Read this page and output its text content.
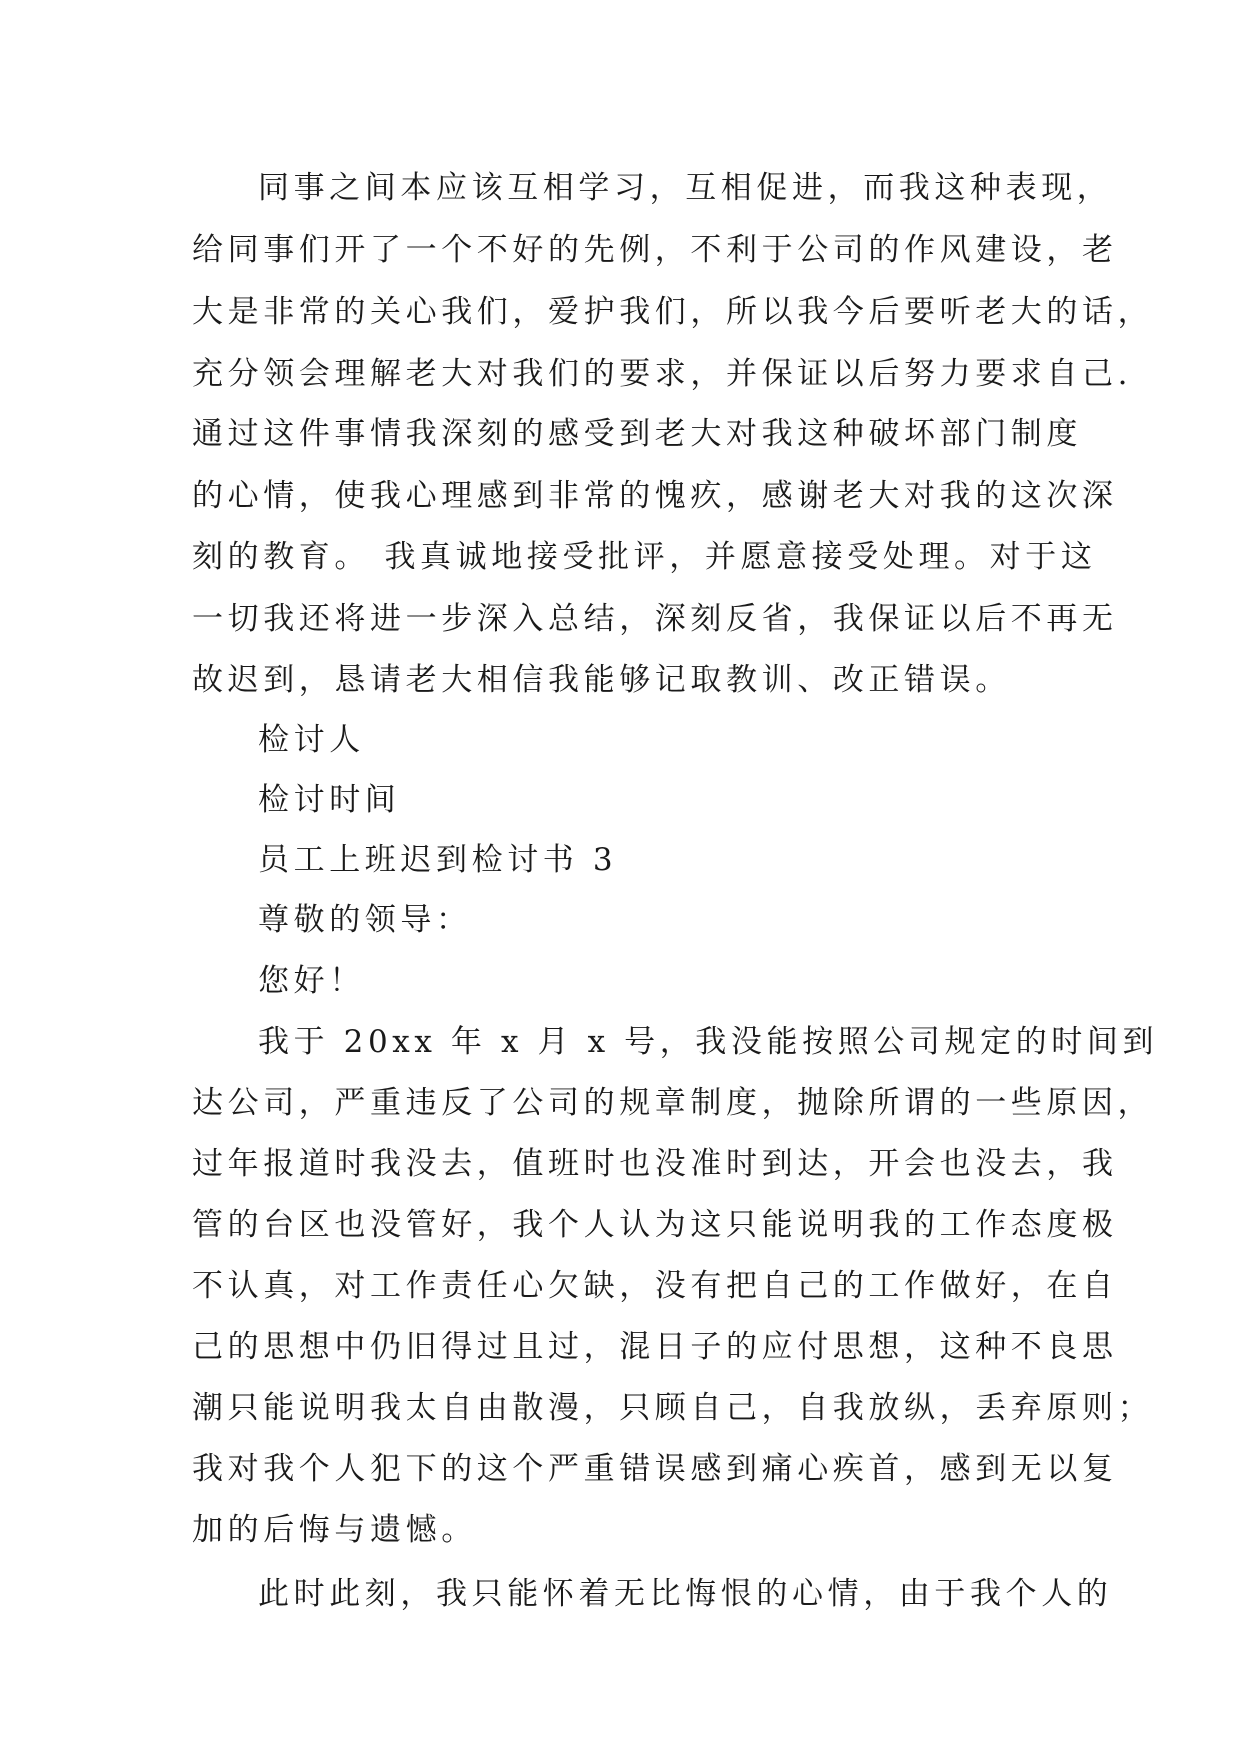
同事之间本应该互相学习，互相促进，而我这种表现，
给同事们开了一个不好的先例，不利于公司的作风建设，老
大是非常的关心我们，爱护我们，所以我今后要听老大的话，
充分领会理解老大对我们的要求，并保证以后努力要求自己.
通过这件事情我深刻的感受到老大对我这种破坏部门制度
的心情，使我心理感到非常的愧疚，感谢老大对我的这次深
刻的教育。 我真诚地接受批评，并愿意接受处理。对于这
一切我还将进一步深入总结，深刻反省，我保证以后不再无
故迟到，恳请老大相信我能够记取教训、改正错误。
检讨人
检讨时间
员工上班迟到检讨书 3
尊敬的领导：
您好！
我于 20xx 年 x 月 x 号，我没能按照公司规定的时间到
达公司，严重违反了公司的规章制度，抛除所谓的一些原因，
过年报道时我没去，值班时也没准时到达，开会也没去，我
管的台区也没管好，我个人认为这只能说明我的工作态度极
不认真，对工作责任心欠缺，没有把自己的工作做好，在自
己的思想中仍旧得过且过，混日子的应付思想，这种不良思
潮只能说明我太自由散漫，只顾自己，自我放纵，丢弃原则；
我对我个人犯下的这个严重错误感到痛心疾首，感到无以复
加的后悔与遗憾。
此时此刻，我只能怀着无比悔恨的心情，由于我个人的
